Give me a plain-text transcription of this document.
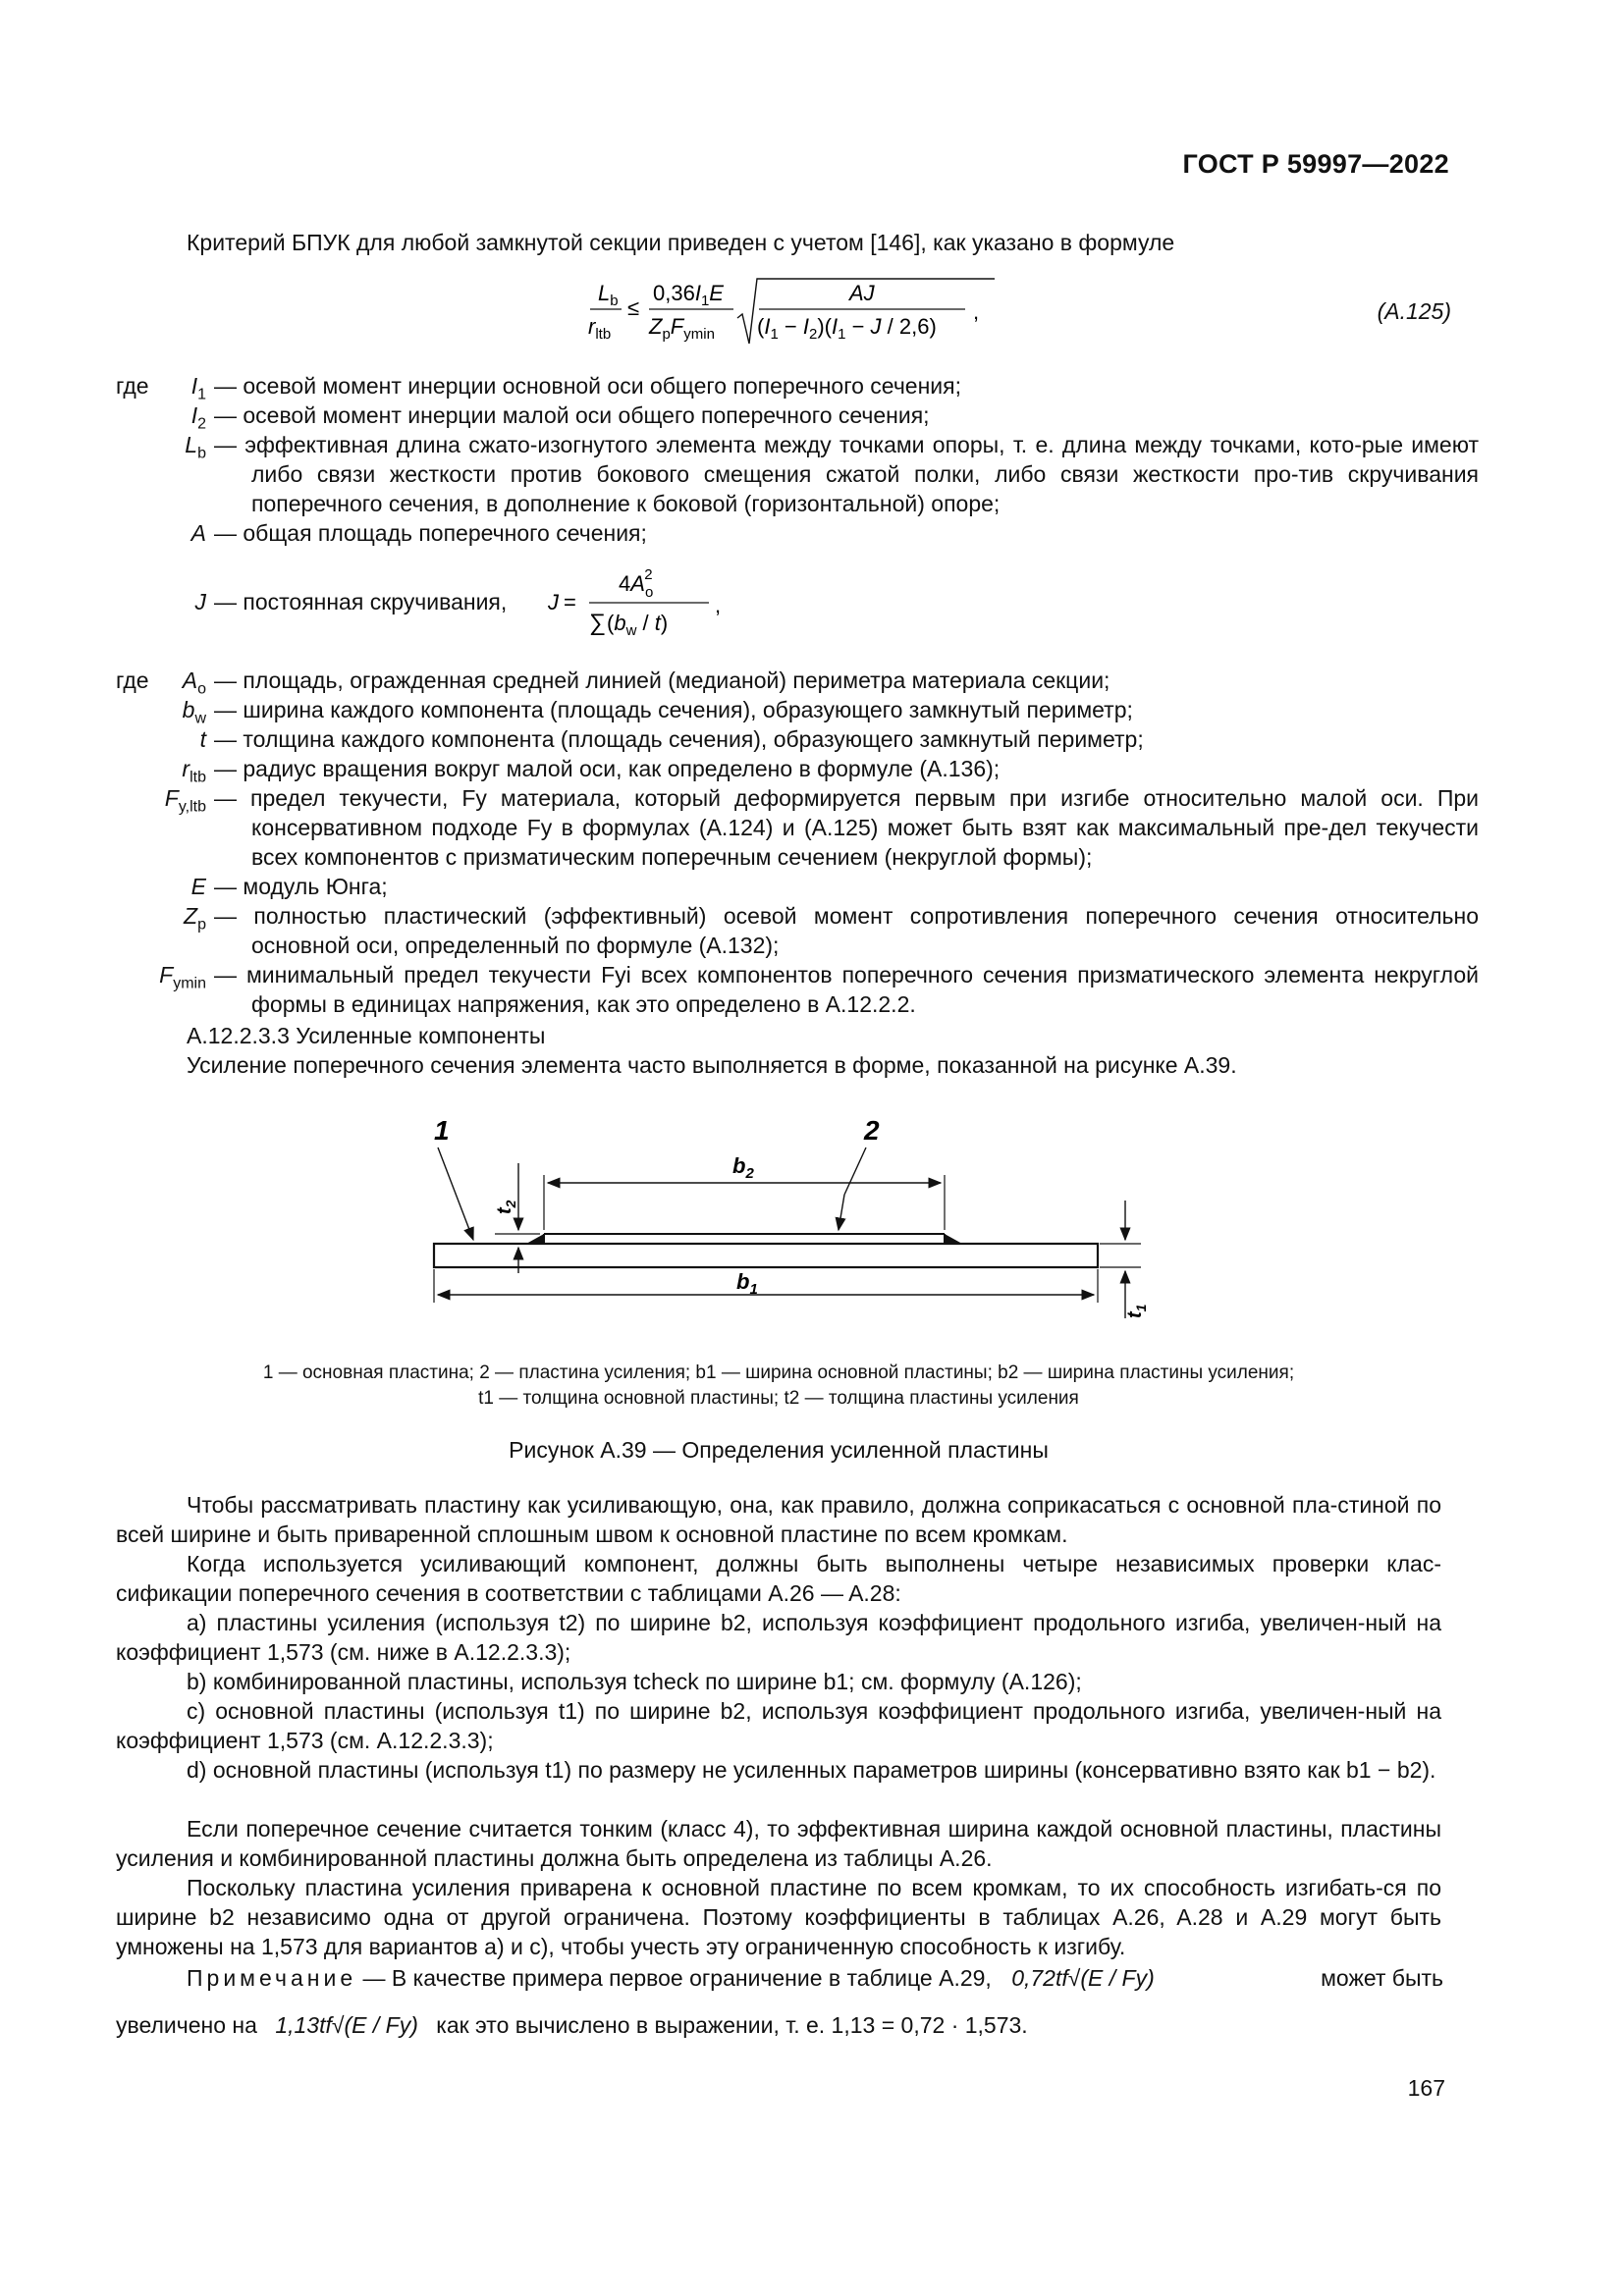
ГОСТ Р 59997—2022
Критерий БПУК для любой замкнутой секции приведен с учетом [146], как указано в формуле
$L_b$
$r_{ltb}$
≤
$0,36I_1E$
$Z_pF_{ymin}$
AJ
$(I_1 - I_2)(I_1 - J / 2,6)$
,	(A.125)
где	$I_1$ — осевой момент инерции основной оси общего поперечного сечения;
$I_2$ — осевой момент инерции малой оси общего поперечного сечения;
$L_b$ — эффективная длина сжато-изогнутого элемента между точками опоры, т. е. длина между точками, кото-рые имеют либо связи жесткости против бокового смещения сжатой полки, либо связи жесткости про-тив скручивания поперечного сечения, в дополнение к боковой (горизонтальной) опоре;
A — общая площадь поперечного сечения;
J — постоянная скручивания,	J =
$4A_o2$
∑ $(b_w / t)$
,
где	$A_o$ — площадь, огражденная средней линией (медианой) периметра материала секции;
$b_w$ — ширина каждого компонента (площадь сечения), образующего замкнутый периметр;
t — толщина каждого компонента (площадь сечения), образующего замкнутый периметр;
$r_{ltb}$ — радиус вращения вокруг малой оси, как определено в формуле (A.136);
$F_{y,ltb}$ — предел текучести, Fy материала, который деформируется первым при изгибе относительно малой оси. При консервативном подходе Fy в формулах (A.124) и (A.125) может быть взят как максимальный пре-дел текучести всех компонентов с призматическим поперечным сечением (некруглой формы);
E — модуль Юнга;
$Z_p$ — полностью пластический (эффективный) осевой момент сопротивления поперечного сечения относительно основной оси, определенный по формуле (A.132);
$F_{ymin}$ — минимальный предел текучести Fyi всех компонентов поперечного сечения призматического элемента некруглой формы в единицах напряжения, как это определено в A.12.2.2.
A.12.2.3.3 Усиленные компоненты
Усиление поперечного сечения элемента часто выполняется в форме, показанной на рисунке A.39.
$b_2$
$b_1$
$t_2$
$t_1$
1	2
1 — основная пластина; 2 — пластина усиления; b1 — ширина основной пластины; b2 — ширина пластины усиления;
t1 — толщина основной пластины; t2 — толщина пластины усиления
Рисунок A.39 — Определения усиленной пластины

Чтобы рассматривать пластину как усиливающую, она, как правило, должна соприкасаться с основной пла-стиной по всей ширине и быть приваренной сплошным швом к основной пластине по всем кромкам.

Когда используется усиливающий компонент, должны быть выполнены четыре независимых проверки клас-сификации поперечного сечения в соответствии с таблицами A.26 — A.28:

a) пластины усиления (используя t2) по ширине b2, используя коэффициент продольного изгиба, увеличен-ный на коэффициент 1,573 (см. ниже в A.12.2.3.3);

b) комбинированной пластины, используя tcheck по ширине b1; см. формулу (A.126);

c) основной пластины (используя t1) по ширине b2, используя коэффициент продольного изгиба, увеличен-ный на коэффициент 1,573 (см. A.12.2.3.3);

d) основной пластины (используя t1) по размеру не усиленных параметров ширины (консервативно взято как b1 − b2).

Если поперечное сечение считается тонким (класс 4), то эффективная ширина каждой основной пластины, пластины усиления и комбинированной пластины должна быть определена из таблицы A.26.

Поскольку пластина усиления приварена к основной пластине по всем кромкам, то их способность изгибать-ся по ширине b2 независимо одна от другой ограничена. Поэтому коэффициенты в таблицах A.26, A.28 и A.29 могут быть умножены на 1,573 для вариантов a) и c), чтобы учесть эту ограниченную способность к изгибу.

Примечание — В качестве примера первое ограничение в таблице A.29, 0,72tf√(E / Fy)	может быть
увеличено на 1,13tf√(E / Fy) как это вычислено в выражении, т. е. 1,13 = 0,72 · 1,573.
167
